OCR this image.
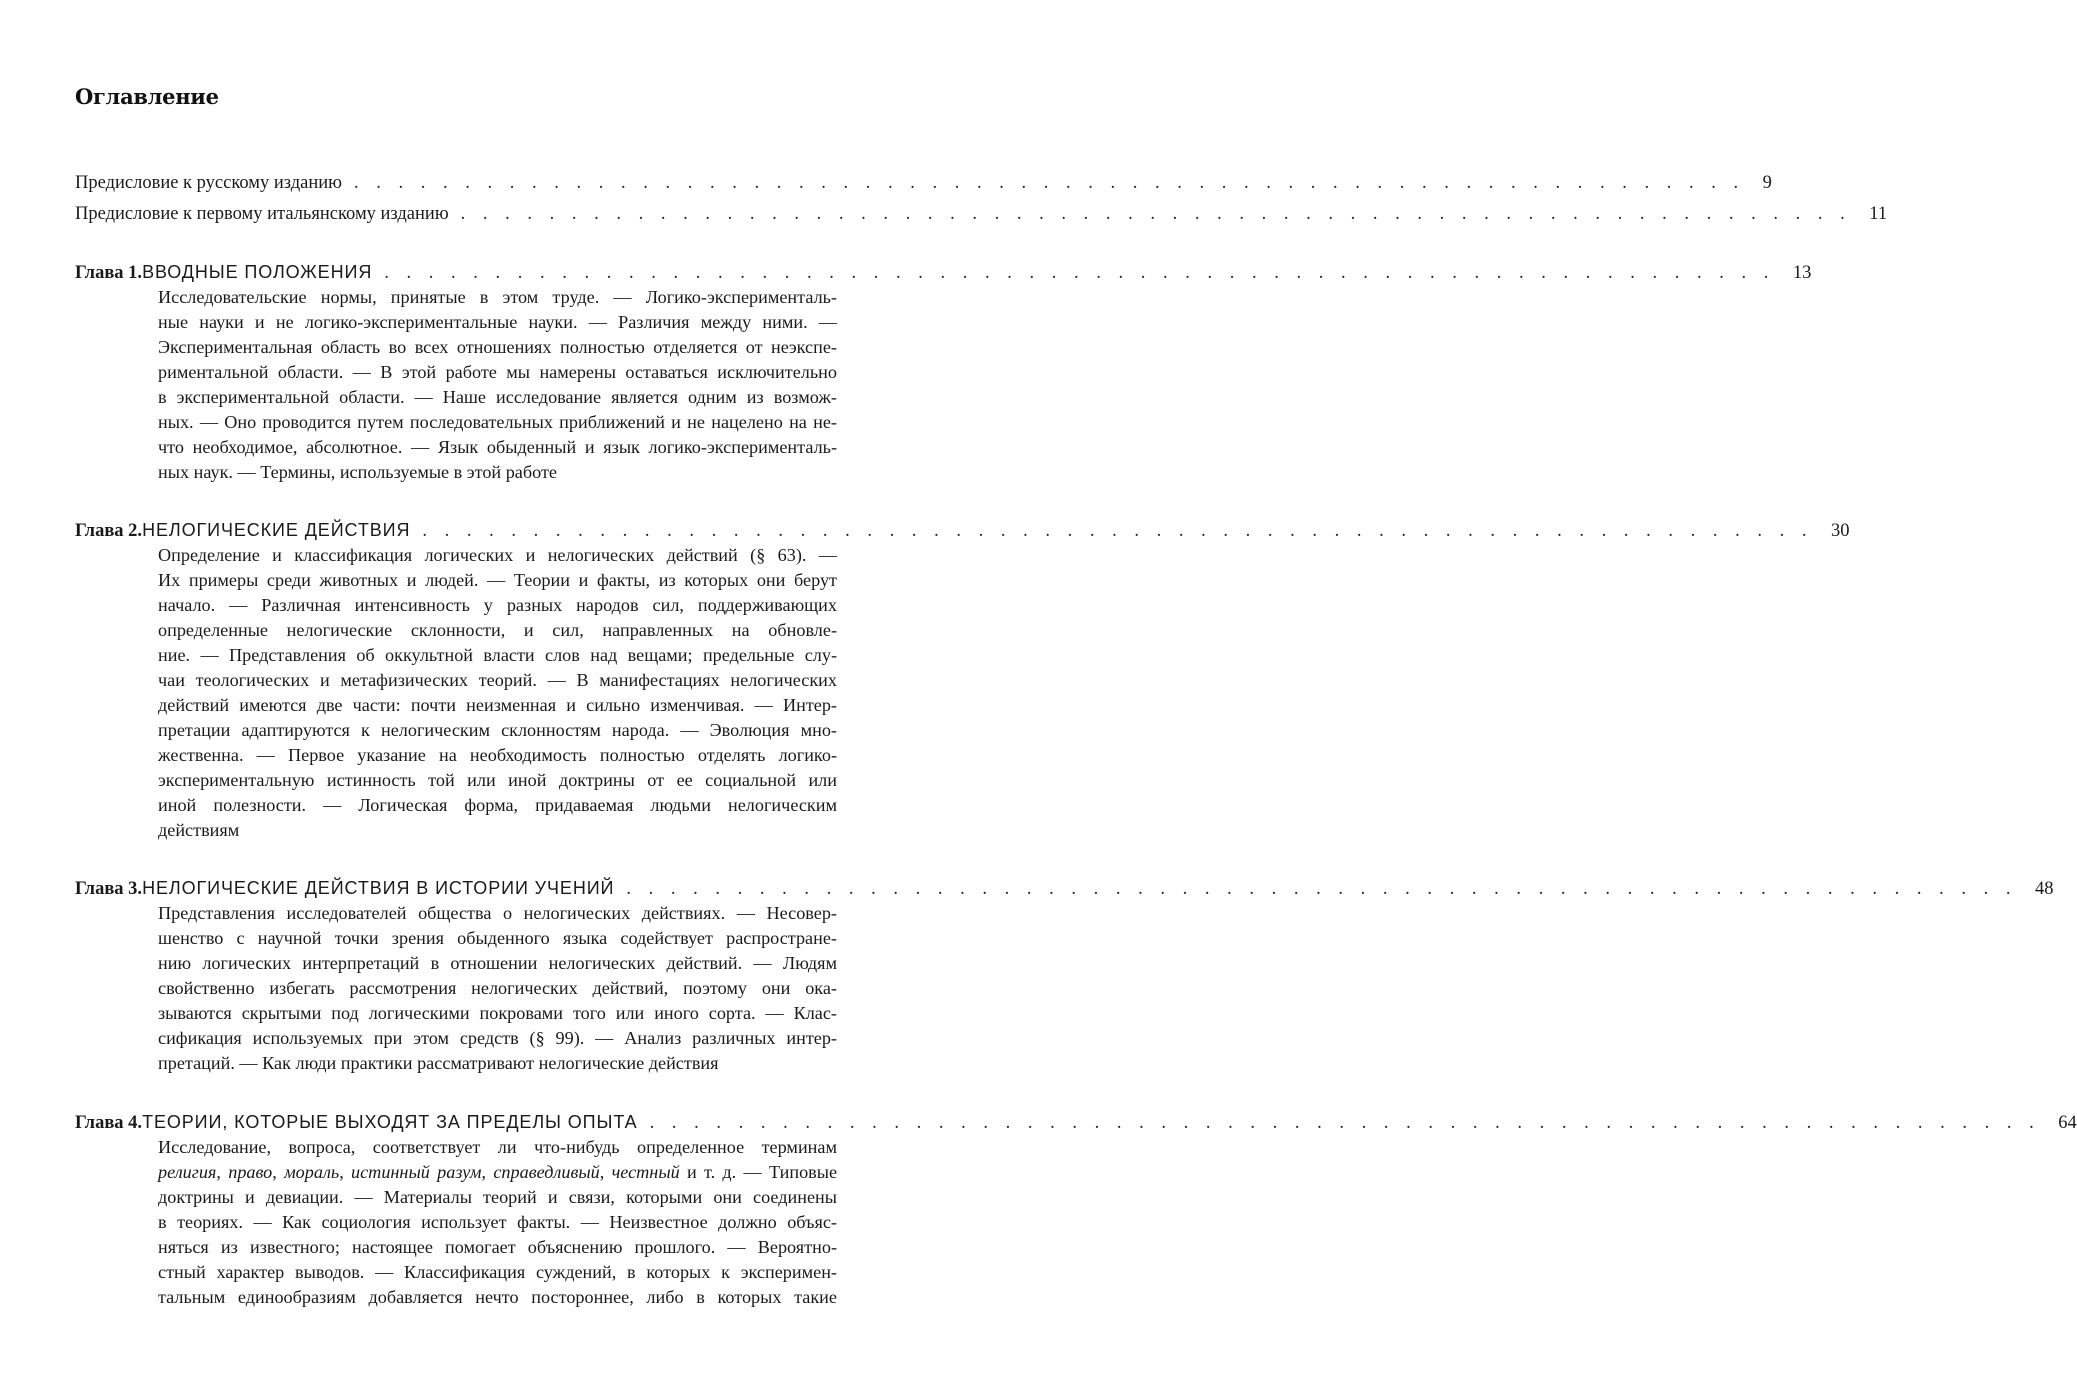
Оглавление
Предисловие к русскому изданию . . . . . . . . . . . . . . . . . . . . . . . . . . . . . . . . . . . . . . . . . . . . . . . . . . . . . . . . . . . . . . . 9
Предисловие к первому итальянскому изданию . . . . . . . . . . . . . . . . . . . . . . . . . . . . . . . . . . . . . . . . . . . . . . . . . . . . . . . . . . . . . . . 11
Глава 1. ВВОДНЫЕ ПОЛОЖЕНИЯ . . . . . . . . . . . . . . . . . . . . . . . . . . . . . . . . . . . . . . . . . . . . . . . . . . . . . . . . . . . . . . . 13
Исследовательские нормы, принятые в этом труде. — Логико-эксперименталь-
ные науки и не логико-экспериментальные науки. — Различия между ними. —
Экспериментальная область во всех отношениях полностью отделяется от неэкспе-
риментальной области. — В этой работе мы намерены оставаться исключительно
в экспериментальной области. — Наше исследование является одним из возмож-
ных. — Оно проводится путем последовательных приближений и не нацелено на не-
что необходимое, абсолютное. — Язык обыденный и язык логико-эксперименталь-
ных наук. — Термины, используемые в этой работе
Глава 2. НЕЛОГИЧЕСКИЕ ДЕЙСТВИЯ . . . . . . . . . . . . . . . . . . . . . . . . . . . . . . . . . . . . . . . . . . . . . . . . . . . . . . . . . . . . . . . 30
Определение и классификация логических и нелогических действий (§ 63). —
Их примеры среди животных и людей. — Теории и факты, из которых они берут
начало. — Различная интенсивность у разных народов сил, поддерживающих
определенные нелогические склонности, и сил, направленных на обновле-
ние. — Представления об оккультной власти слов над вещами; предельные слу-
чаи теологических и метафизических теорий. — В манифестациях нелогических
действий имеются две части: почти неизменная и сильно изменчивая. — Интер-
претации адаптируются к нелогическим склонностям народа. — Эволюция мно-
жественна. — Первое указание на необходимость полностью отделять логико-
экспериментальную истинность той или иной доктрины от ее социальной или
иной полезности. — Логическая форма, придаваемая людьми нелогическим
действиям
Глава 3. НЕЛОГИЧЕСКИЕ ДЕЙСТВИЯ В ИСТОРИИ УЧЕНИЙ . . . . . . . . . . . . . . . . . . . . . . . . . . . . . . . . . . . . . . . . . . . . . . . . . . . . . . . . . . . . . . . 48
Представления исследователей общества о нелогических действиях. — Несовер-
шенство с научной точки зрения обыденного языка содействует распростране-
нию логических интерпретаций в отношении нелогических действий. — Людям
свойственно избегать рассмотрения нелогических действий, поэтому они ока-
зываются скрытыми под логическими покровами того или иного сорта. — Клас-
сификация используемых при этом средств (§ 99). — Анализ различных интер-
претаций. — Как люди практики рассматривают нелогические действия
Глава 4. ТЕОРИИ, КОТОРЫЕ ВЫХОДЯТ ЗА ПРЕДЕЛЫ ОПЫТА . . . . . . . . . . . . . . . . . . . . . . . . . . . . . . . . . . . . . . . . . . . . . . . . . . . . . . . . . . . . . . . 64
Исследование, вопроса, соответствует ли что-нибудь определенное терминам
религия, право, мораль, истинный разум, справедливый, честный и т. д. — Типовые
доктрины и девиации. — Материалы теорий и связи, которыми они соединены
в теориях. — Как социология использует факты. — Неизвестное должно объяс-
няться из известного; настоящее помогает объяснению прошлого. — Вероятно-
стный характер выводов. — Классификация суждений, в которых к эксперимен-
тальным единообразиям добавляется нечто постороннее, либо в которых такие
